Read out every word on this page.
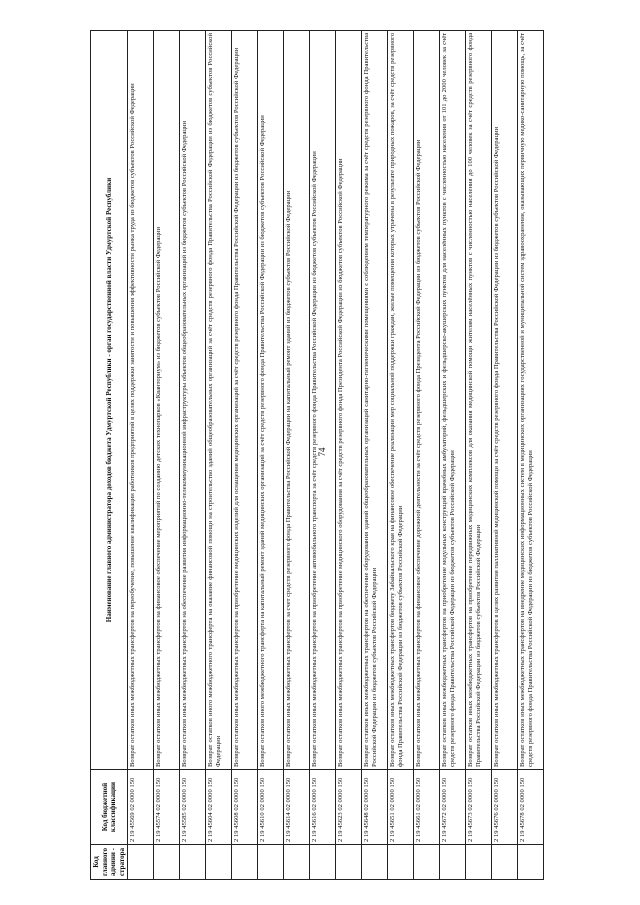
74
Код главного админи - стратора	Код бюджетной классификации	Наименование главного администратора доходов бюджета Удмуртской Республики - орган государственной власти Удмуртской Республики
	2 19 45569 02 0000 150	Возврат остатков иных межбюджетных трансфертов на переобучение, повышение квалификации работников предприятий в целях поддержки занятости и повышения эффективности рынка труда из бюджетов субъектов Российской Федерации
	2 19 45574 02 0000 150	Возврат остатков иных межбюджетных трансфертов на финансовое обеспечение мероприятий по созданию детских технопарков «Кванториум» из бюджетов субъектов Российской Федерации
	2 19 45585 02 0000 150	Возврат остатков иных межбюджетных трансфертов на обеспечение развития информационно-телекоммуникационной инфраструктуры объектов общеобразовательных организаций из бюджетов субъектов Российской Федерации
	2 19 45604 02 0000 150	Возврат остатков иного межбюджетного трансферта на оказание финансовой помощи на строительство зданий общеобразовательных организаций за счёт средств резервного фонда Правительства Российской Федерации из бюджетов субъектов Российской Федерации
	2 19 45608 02 0000 150	Возврат остатков иных межбюджетных трансфертов на приобретение медицинских изделий для оснащения медицинских организаций за счёт средств резервного фонда Правительства Российской Федерации из бюджетов субъектов Российской Федерации
	2 19 45610 02 0000 150	Возврат остатков иного межбюджетного трансферта на капитальный ремонт зданий медицинских организаций за счёт средств резервного фонда Правительства Российской Федерации из бюджетов субъектов Российской Федерации
	2 19 45614 02 0000 150	Возврат остатков иных межбюджетных трансфертов за счет средств резервного фонда Правительства Российской Федерации на капитальный ремонт зданий из бюджетов субъектов Российской Федерации
	2 19 45616 02 0000 150	Возврат остатков иных межбюджетных трансфертов на приобретение автомобильного транспорта за счёт средств резервного фонда Правительства Российской Федерации из бюджетов субъектов Российской Федерации
	2 19 45623 02 0000 150	Возврат остатков иных межбюджетных трансфертов на приобретение медицинского оборудования за счёт средств резервного фонда Президента Российской Федерации из бюджетов субъектов Российской Федерации
	2 19 45648 02 0000 150	Возврат остатков иных межбюджетных трансфертов на обеспечение оборудования зданий общеобразовательных организаций санитарно-гигиеническими помещениями с соблюдением температурного режима за счёт средств резервного фонда Правительства Российской Федерации из бюджетов субъектов Российской Федерации
	2 19 45651 02 0000 150	Возврат остатков иных межбюджетных трансфертов бюджету Забайкальского края на финансовое обеспечение реализации мер социальной поддержки граждан, жилые помещения которых утрачены в результате природных пожаров, за счёт средств резервного фонда Правительства Российской Федерации из бюджетов субъектов Российской Федерации
	2 19 45661 02 0000 150	Возврат остатков иных межбюджетных трансфертов на финансовое обеспечение дорожной деятельности за счёт средств резервного фонда Президента Российской Федерации из бюджетов субъектов Российской Федерации
	2 19 45672 02 0000 150	Возврат остатков иных межбюджетных трансфертов на приобретение модульных конструкций врачебных амбулаторий, фельдшерских и фельдшерско-акушерских пунктов для населённых пунктов с численностью населения от 101 до 2000 человек за счёт средств резервного фонда Правительства Российской Федерации из бюджетов субъектов Российской Федерации
	2 19 45673 02 0000 150	Возврат остатков иных межбюджетных трансфертов на приобретение передвижных медицинских комплексов для оказания медицинской помощи жителям населённых пунктов с численностью населения до 100 человек за счёт средств резервного фонда Правительства Российской Федерации из бюджетов субъектов Российской Федерации
	2 19 45676 02 0000 150	Возврат остатков иных межбюджетных трансфертов в целях развития паллиативной медицинской помощи за счёт средств резервного фонда Правительства Российской Федерации из бюджетов субъектов Российской Федерации
	2 19 45678 02 0000 150	Возврат остатков иных межбюджетных трансфертов на внедрение медицинских информационных систем в медицинских организациях государственной и муниципальной систем здравоохранения, оказывающих первичную медико-санитарную помощь, за счёт средств резервного фонда Правительства Российской Федерации из бюджетов субъектов Российской Федерации
